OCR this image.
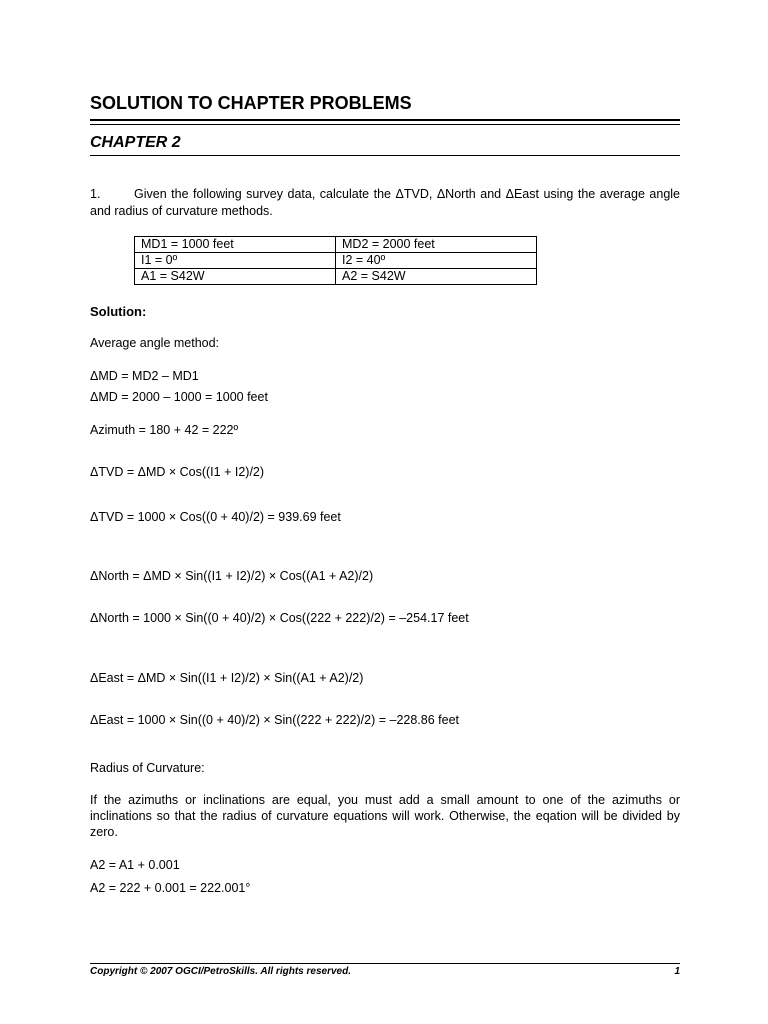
SOLUTION TO CHAPTER PROBLEMS
CHAPTER 2
1.	Given the following survey data, calculate the ΔTVD, ΔNorth and ΔEast using the average angle and radius of curvature methods.
MD1 = 1000 feet	MD2 = 2000 feet
I1 = 0º	I2 = 40º
A1 = S42W	A2 = S42W
Solution:
Average angle method:
ΔMD = MD2 – MD1
ΔMD = 2000 – 1000 = 1000 feet
Azimuth = 180 + 42 = 222º
ΔTVD = ΔMD × Cos((I1 + I2)/2)
ΔTVD = 1000 × Cos((0 + 40)/2) = 939.69 feet
ΔNorth = ΔMD × Sin((I1 + I2)/2) × Cos((A1 + A2)/2)
ΔNorth = 1000 × Sin((0 + 40)/2) × Cos((222 + 222)/2) = –254.17 feet
ΔEast = ΔMD × Sin((I1 + I2)/2) × Sin((A1 + A2)/2)
ΔEast = 1000 × Sin((0 + 40)/2) × Sin((222 + 222)/2) = –228.86 feet
Radius of Curvature:
If the azimuths or inclinations are equal, you must add a small amount to one of the azimuths or inclinations so that the radius of curvature equations will work. Otherwise, the eqation will be divided by zero.
A2 = A1 + 0.001
A2 = 222 + 0.001 = 222.001°
Copyright © 2007 OGCI/PetroSkills. All rights reserved.	1
